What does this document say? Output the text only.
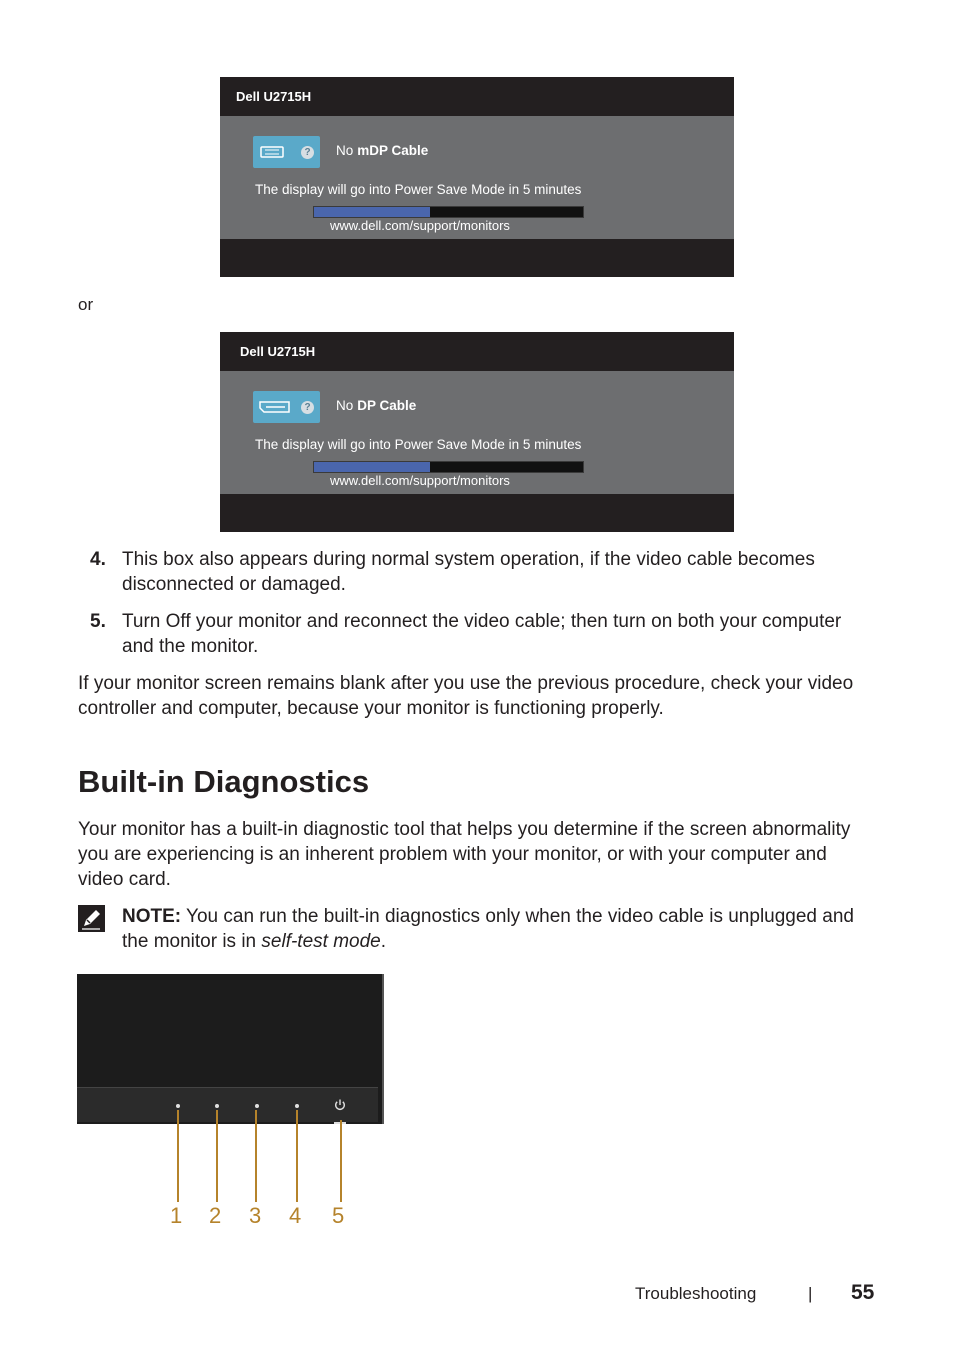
Dell U2715H
? No mDP Cable
The display will go into Power Save Mode in 5 minutes
www.dell.com/support/monitors
or
Dell U2715H
? No DP Cable
The display will go into Power Save Mode in 5 minutes
www.dell.com/support/monitors
4. This box also appears during normal system operation, if the video cable becomes disconnected or damaged.
5. Turn Off your monitor and reconnect the video cable; then turn on both your computer and the monitor.
If your monitor screen remains blank after you use the previous procedure, check your video controller and computer, because your monitor is functioning properly.
Built-in Diagnostics
Your monitor has a built-in diagnostic tool that helps you determine if the screen abnormality you are experiencing is an inherent problem with your monitor, or with your computer and video card.
NOTE: You can run the built-in diagnostics only when the video cable is unplugged and the monitor is in self-test mode.
1 2 3 4 5
Troubleshooting	| 55
